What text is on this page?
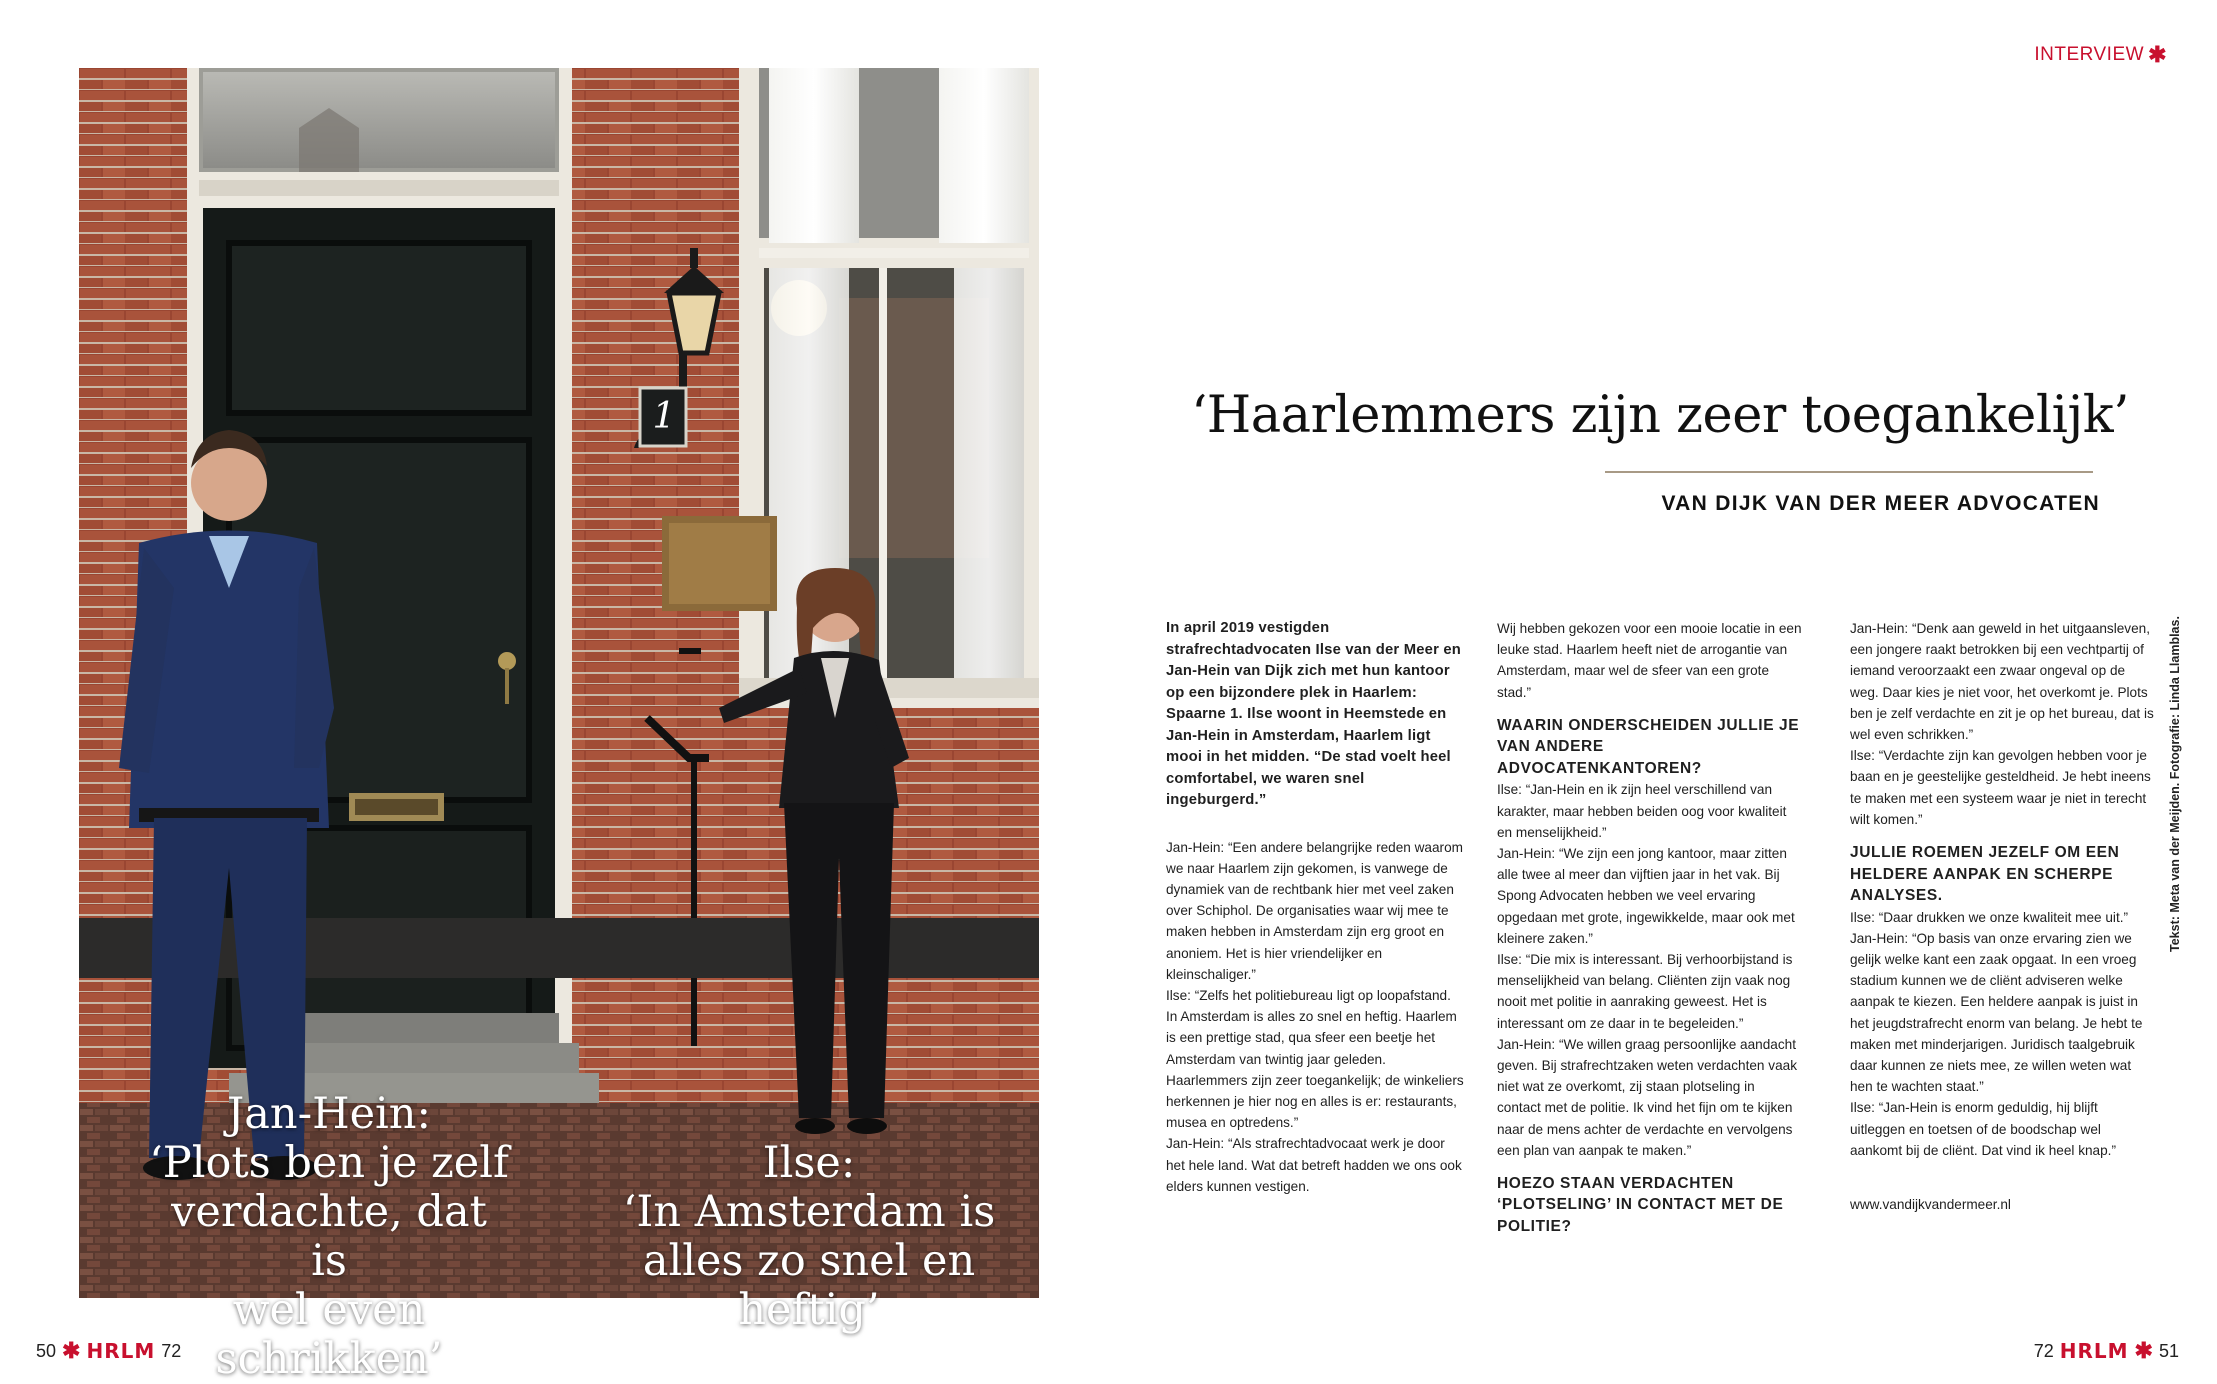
1
Jan-Hein:
‘Plots ben je zelf
verdachte, dat is
wel even schrikken’
Ilse:
‘In Amsterdam is
alles zo snel en heftig’
50 ✱ HRLM 72
INTERVIEW ✱
‘Haarlemmers zijn zeer toegankelijk’
VAN DIJK VAN DER MEER ADVOCATEN

In april 2019 vestigden strafrechtadvocaten Ilse van der Meer en Jan-Hein van Dijk zich met hun kantoor op een bijzondere plek in Haarlem: Spaarne 1. Ilse woont in Heemstede en Jan-Hein in Amsterdam, Haarlem ligt mooi in het midden. “De stad voelt heel comfortabel, we waren snel ingeburgerd.”

Jan-Hein: “Een andere belangrijke reden waarom we naar Haarlem zijn gekomen, is vanwege de dynamiek van de rechtbank hier met veel zaken over Schiphol. De organisaties waar wij mee te maken hebben in Amsterdam zijn erg groot en anoniem. Het is hier vriendelijker en kleinschaliger.”

Ilse: “Zelfs het politiebureau ligt op loopafstand. In Amsterdam is alles zo snel en heftig. Haarlem is een prettige stad, qua sfeer een beetje het Amsterdam van twintig jaar geleden. Haarlemmers zijn zeer toegankelijk; de winkeliers herkennen je hier nog en alles is er: restaurants, musea en optredens.”

Jan-Hein: “Als strafrechtadvocaat werk je door het hele land. Wat dat betreft hadden we ons ook elders kunnen vestigen.

Wij hebben gekozen voor een mooie locatie in een leuke stad. Haarlem heeft niet de arrogantie van Amsterdam, maar wel de sfeer van een grote stad.”

WAARIN ONDERSCHEIDEN JULLIE JE VAN ANDERE ADVOCATENKANTOREN?

Ilse: “Jan-Hein en ik zijn heel verschillend van karakter, maar hebben beiden oog voor kwaliteit en menselijkheid.”

Jan-Hein: “We zijn een jong kantoor, maar zitten alle twee al meer dan vijftien jaar in het vak. Bij Spong Advocaten hebben we veel ervaring opgedaan met grote, ingewikkelde, maar ook met kleinere zaken.”

Ilse: “Die mix is interessant. Bij verhoorbijstand is menselijkheid van belang. Cliënten zijn vaak nog nooit met politie in aanraking geweest. Het is interessant om ze daar in te begeleiden.”

Jan-Hein: “We willen graag persoonlijke aandacht geven. Bij strafrechtzaken weten verdachten vaak niet wat ze overkomt, zij staan plotseling in contact met de politie. Ik vind het fijn om te kijken naar de mens achter de verdachte en vervolgens een plan van aanpak te maken.”

HOEZO STAAN VERDACHTEN ‘PLOTSELING’ IN CONTACT MET DE POLITIE?

Jan-Hein: “Denk aan geweld in het uitgaansleven, een jongere raakt betrokken bij een vechtpartij of iemand veroorzaakt een zwaar ongeval op de weg. Daar kies je niet voor, het overkomt je. Plots ben je zelf verdachte en zit je op het bureau, dat is wel even schrikken.”

Ilse: “Verdachte zijn kan gevolgen hebben voor je baan en je geestelijke gesteldheid. Je hebt ineens te maken met een systeem waar je niet in terecht wilt komen.”

JULLIE ROEMEN JEZELF OM EEN HELDERE AANPAK EN SCHERPE ANALYSES.

Ilse: “Daar drukken we onze kwaliteit mee uit.”

Jan-Hein: “Op basis van onze ervaring zien we gelijk welke kant een zaak opgaat. In een vroeg stadium kunnen we de cliënt adviseren welke aanpak te kiezen. Een heldere aanpak is juist in het jeugdstrafrecht enorm van belang. Je hebt te maken met minderjarigen. Juridisch taalgebruik daar kunnen ze niets mee, ze willen weten wat hen te wachten staat.”

Ilse: “Jan-Hein is enorm geduldig, hij blijft uitleggen en toetsen of de boodschap wel aankomt bij de cliënt. Dat vind ik heel knap.”

www.vandijkvandermeer.nl

Tekst: Meta van der Meijden. Fotografie: Linda Llamblas.
72 HRLM ✱ 51
